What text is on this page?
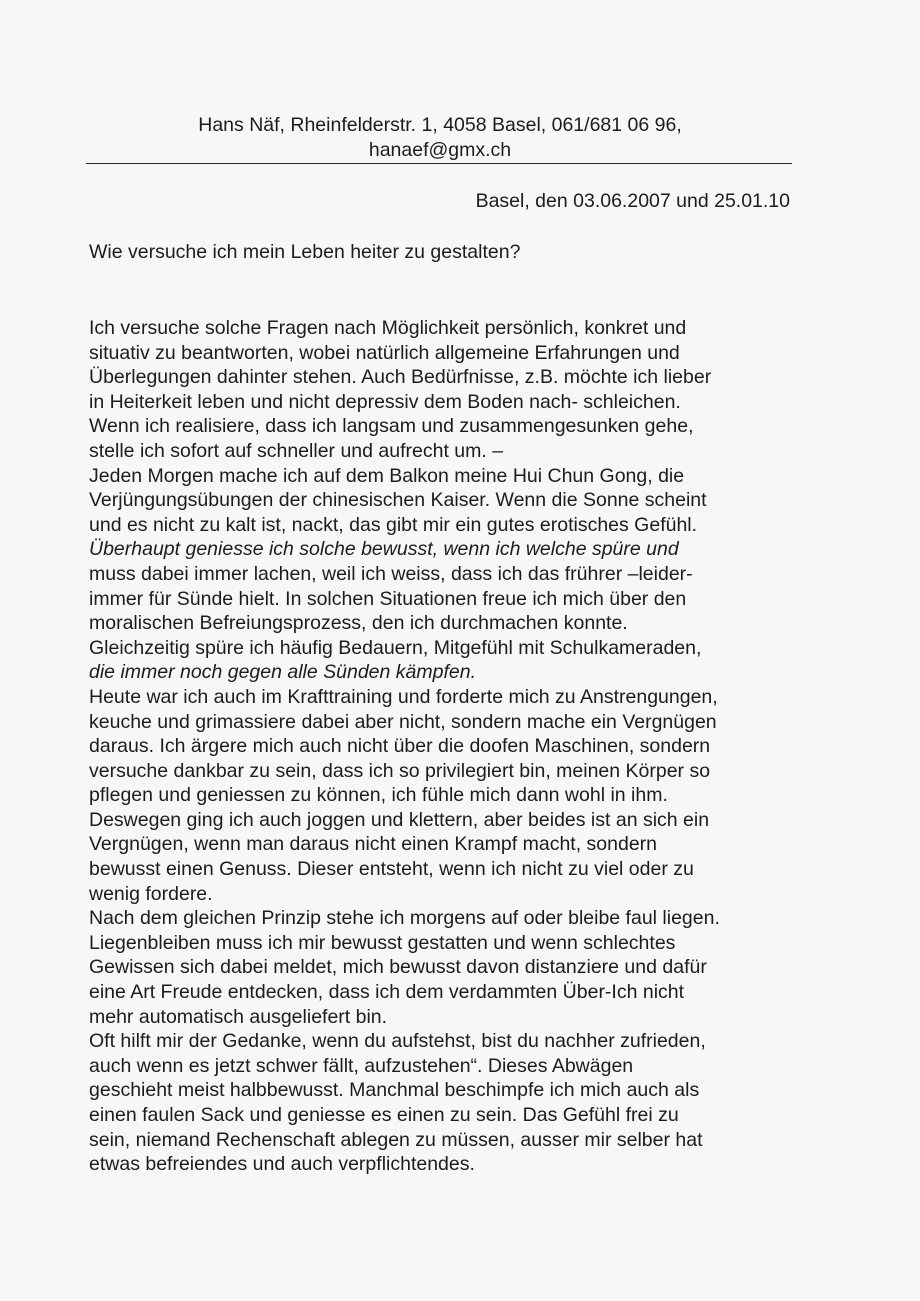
Hans Näf, Rheinfelderstr. 1, 4058 Basel, 061/681 06 96,
hanaef@gmx.ch
Basel, den 03.06.2007 und 25.01.10
Wie versuche ich mein Leben heiter zu gestalten?
Ich versuche solche Fragen nach Möglichkeit persönlich, konkret und
situativ zu beantworten, wobei natürlich allgemeine Erfahrungen und
Überlegungen dahinter stehen. Auch Bedürfnisse, z.B. möchte ich lieber
in Heiterkeit leben und nicht depressiv dem Boden nach- schleichen.
Wenn ich realisiere, dass ich langsam und zusammengesunken gehe,
stelle ich sofort auf schneller und aufrecht um. –
Jeden Morgen mache ich auf dem Balkon meine Hui Chun Gong, die
Verjüngungsübungen der chinesischen Kaiser. Wenn die Sonne scheint
und es nicht zu kalt ist, nackt, das gibt mir ein gutes erotisches Gefühl.
Überhaupt geniesse ich solche bewusst, wenn ich welche spüre und
muss dabei immer lachen, weil ich weiss, dass ich das frührer –leider-
immer für Sünde hielt. In solchen Situationen freue ich mich über den
moralischen Befreiungsprozess, den ich durchmachen konnte.
Gleichzeitig spüre ich häufig Bedauern, Mitgefühl mit Schulkameraden,
die immer noch gegen alle Sünden kämpfen.
Heute war ich auch im Krafttraining und forderte mich zu Anstrengungen,
keuche und grimassiere dabei aber nicht, sondern mache ein Vergnügen
daraus. Ich ärgere mich auch nicht über die doofen Maschinen, sondern
versuche dankbar zu sein, dass ich so privilegiert bin, meinen Körper so
pflegen und geniessen zu können, ich fühle mich dann wohl in ihm.
Deswegen ging ich auch joggen und klettern, aber beides ist an sich ein
Vergnügen, wenn man daraus nicht einen Krampf macht, sondern
bewusst einen Genuss. Dieser entsteht, wenn ich nicht zu viel oder zu
wenig fordere.
Nach dem gleichen Prinzip stehe ich morgens auf oder bleibe faul liegen.
Liegenbleiben muss ich mir bewusst gestatten und wenn schlechtes
Gewissen sich dabei meldet, mich bewusst davon distanziere und dafür
eine Art Freude entdecken, dass ich dem verdammten Über-Ich nicht
mehr automatisch ausgeliefert bin.
Oft hilft mir der Gedanke, wenn du aufstehst, bist du nachher zufrieden,
auch wenn es jetzt schwer fällt, aufzustehen“. Dieses Abwägen
geschieht meist halbbewusst. Manchmal beschimpfe ich mich auch als
einen faulen Sack und geniesse es einen zu sein. Das Gefühl frei zu
sein, niemand Rechenschaft ablegen zu müssen, ausser mir selber hat
etwas befreiendes und auch verpflichtendes.
